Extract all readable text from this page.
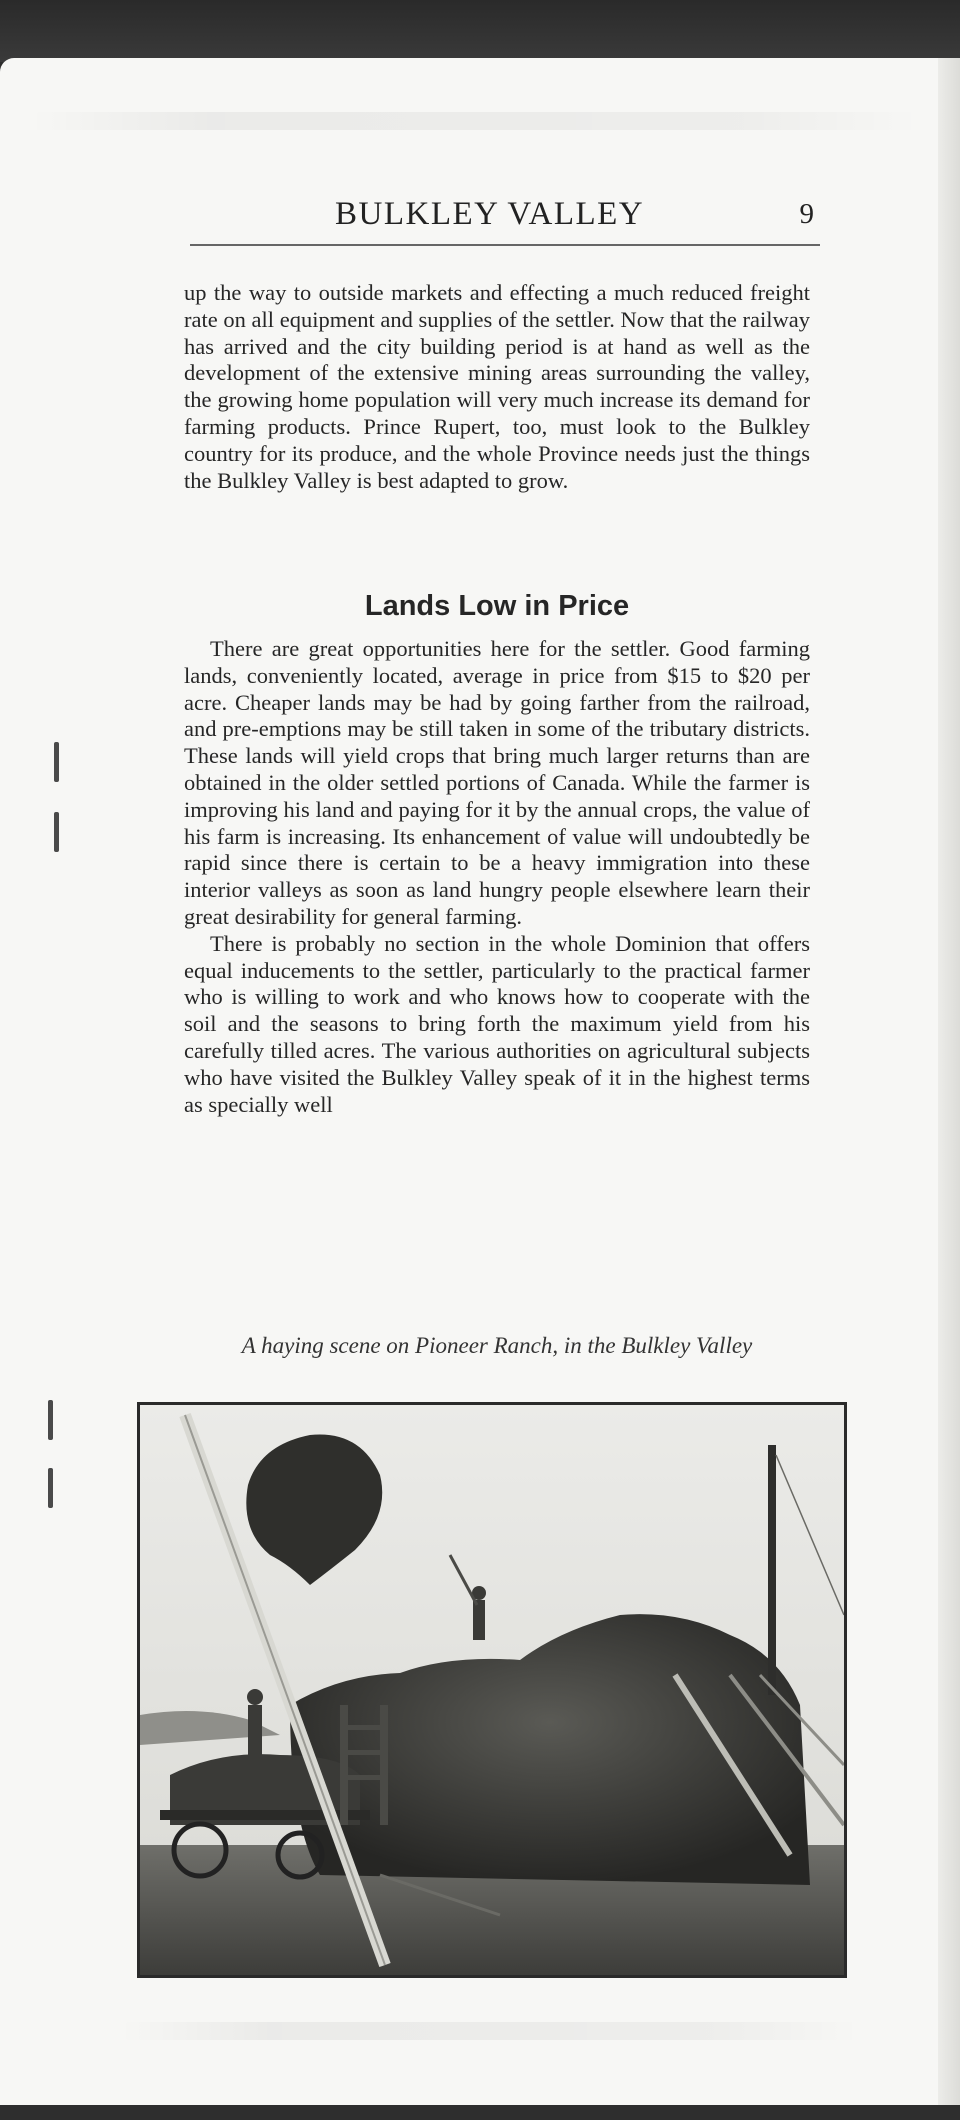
BULKLEY VALLEY	9

up the way to outside markets and effecting a much reduced freight rate on all equipment and supplies of the settler. Now that the railway has arrived and the city building period is at hand as well as the development of the extensive mining areas surrounding the valley, the growing home population will very much increase its demand for farming products. Prince Rupert, too, must look to the Bulkley country for its produce, and the whole Province needs just the things the Bulkley Valley is best adapted to grow.

Lands Low in Price

There are great opportunities here for the settler. Good farming lands, conveniently located, average in price from $15 to $20 per acre. Cheaper lands may be had by going farther from the railroad, and pre-emptions may be still taken in some of the tributary districts. These lands will yield crops that bring much larger returns than are obtained in the older settled portions of Canada. While the farmer is improving his land and paying for it by the annual crops, the value of his farm is increasing. Its enhancement of value will undoubtedly be rapid since there is certain to be a heavy immigration into these interior valleys as soon as land hungry people elsewhere learn their great desirability for general farming.

There is probably no section in the whole Dominion that offers equal inducements to the settler, particularly to the practical farmer who is willing to work and who knows how to cooperate with the soil and the seasons to bring forth the maximum yield from his carefully tilled acres. The various authorities on agricultural subjects who have visited the Bulkley Valley speak of it in the highest terms as specially well

A haying scene on Pioneer Ranch, in the Bulkley Valley
